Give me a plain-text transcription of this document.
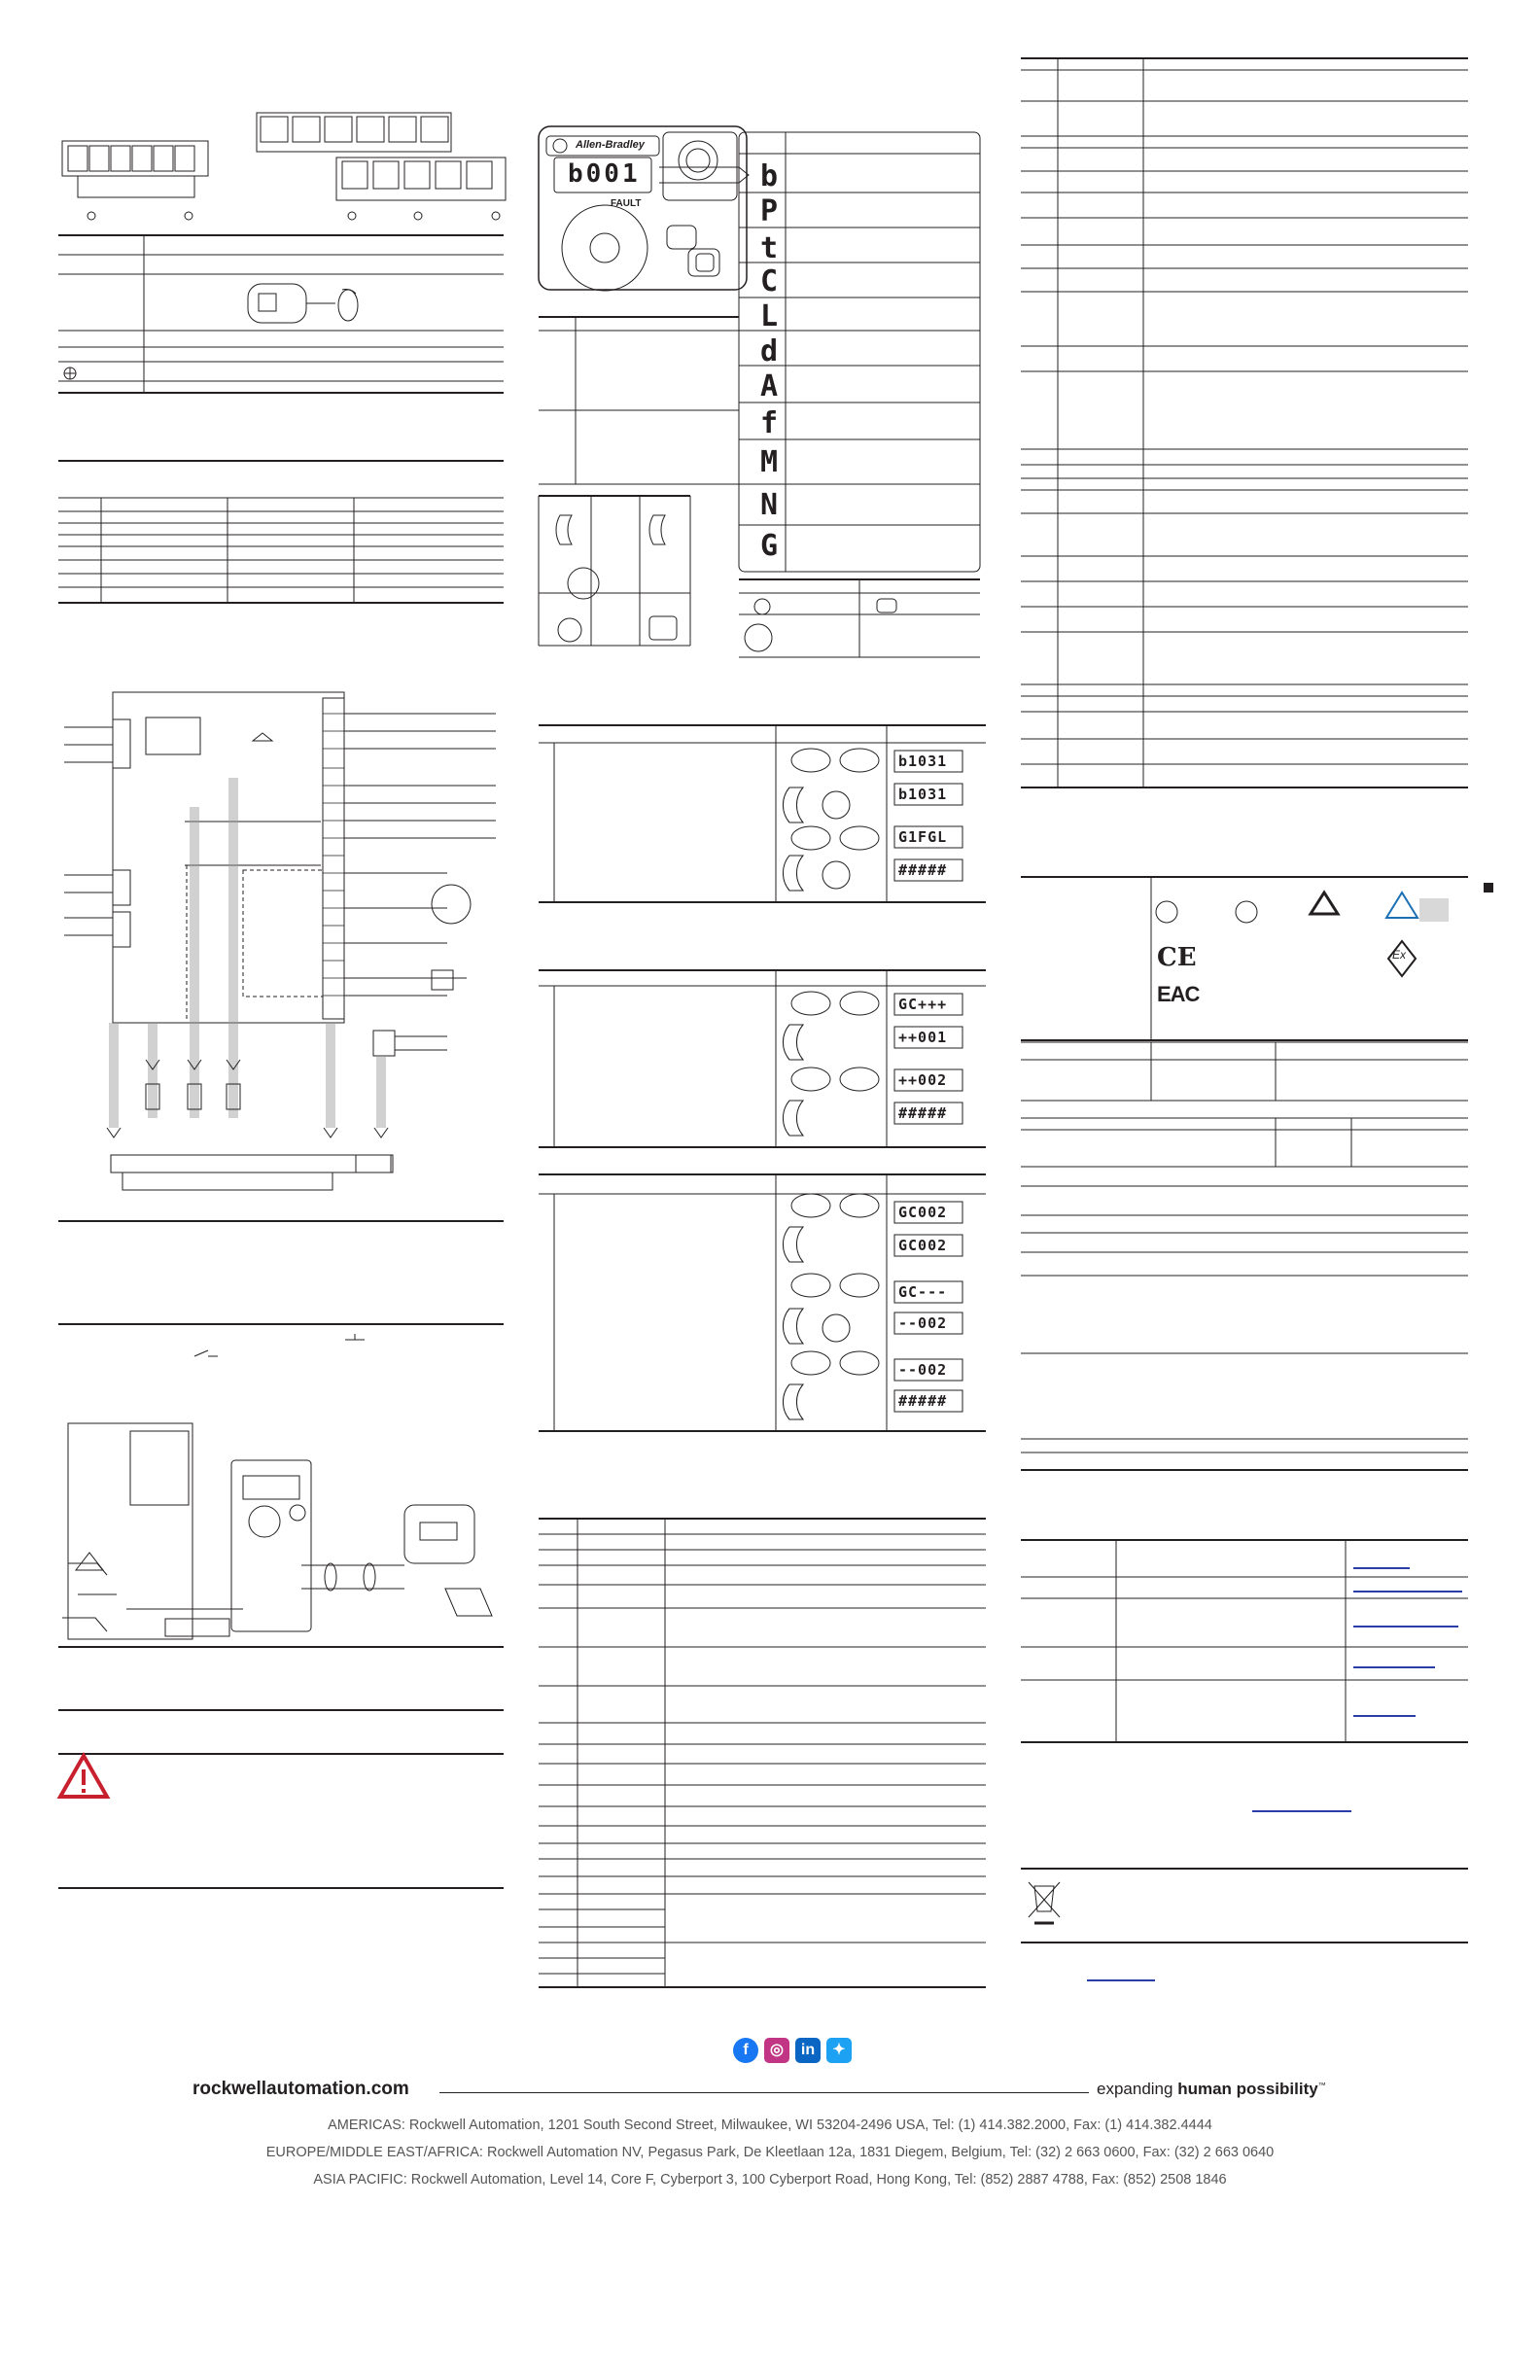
Allen-Bradley
b001
FAULT
b
P
t
C
L
d
A
f
M
N
G
b1031
b1031
G1FGL
#####
GC+++
++001
++002
#####
GC002
GC002
GC---
--002
--002
#####
CE
EAC
Ex
f	◎	in	✦
rockwellautomation.com	expanding human possibility™
AMERICAS: Rockwell Automation, 1201 South Second Street, Milwaukee, WI 53204-2496 USA, Tel: (1) 414.382.2000, Fax: (1) 414.382.4444
EUROPE/MIDDLE EAST/AFRICA: Rockwell Automation NV, Pegasus Park, De Kleetlaan 12a, 1831 Diegem, Belgium, Tel: (32) 2 663 0600, Fax: (32) 2 663 0640
ASIA PACIFIC: Rockwell Automation, Level 14, Core F, Cyberport 3, 100 Cyberport Road, Hong Kong, Tel: (852) 2887 4788, Fax: (852) 2508 1846
